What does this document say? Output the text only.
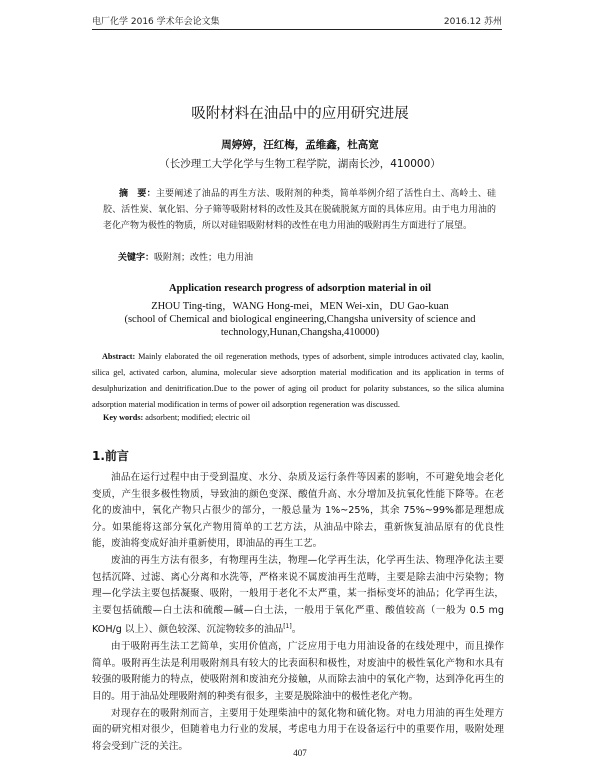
电厂化学 2016 学术年会论文集	2016.12 苏州
吸附材料在油品中的应用研究进展
周婷婷，汪红梅，孟维鑫，杜高宽
（长沙理工大学化学与生物工程学院，湖南长沙，410000）
摘　要：主要阐述了油品的再生方法、吸附剂的种类，简单举例介绍了活性白土、高岭土、硅胶、活性炭、氧化铝、分子筛等吸附材料的改性及其在脱硫脱氮方面的具体应用。由于电力用油的老化产物为极性的物质，所以对硅铝吸附材料的改性在电力用油的吸附再生方面进行了展望。
关键字：吸附剂；改性；电力用油
Application research progress of adsorption material in oil
ZHOU Ting-ting，WANG Hong-mei，MEN Wei-xin，DU Gao-kuan
(school of Chemical and biological engineering,Changsha university of science and technology,Hunan,Changsha,410000)
Abstract: Mainly elaborated the oil regeneration methods, types of adsorbent, simple introduces activated clay, kaolin, silica gel, activated carbon, alumina, molecular sieve adsorption material modification and its application in terms of desulphurization and denitrification.Due to the power of aging oil product for polarity substances, so the silica alumina adsorption material modification in terms of power oil adsorption regeneration was discussed.
Key words: adsorbent; modified; electric oil
1.前言

油品在运行过程中由于受到温度、水分、杂质及运行条件等因素的影响，不可避免地会老化变质，产生很多极性物质，导致油的颜色变深、酸值升高、水分增加及抗氧化性能下降等。在老化的废油中，氧化产物只占很少的部分，一般总量为 1%~25%，其余 75%~99%都是理想成分。如果能将这部分氧化产物用简单的工艺方法，从油品中除去，重新恢复油品原有的优良性能，废油将变成好油并重新使用，即油品的再生工艺。

废油的再生方法有很多，有物理再生法，物理—化学再生法，化学再生法、物理净化法主要包括沉降、过滤、离心分离和水洗等，严格来说不属废油再生范畴，主要是除去油中污染物；物理—化学法主要包括凝聚、吸附，一般用于老化不太严重，某一指标变坏的油品；化学再生法，主要包括硫酸—白土法和硫酸—碱—白土法，一般用于氧化严重、酸值较高（一般为 0.5 mg KOH/g 以上）、颜色较深、沉淀物较多的油品[1]。

由于吸附再生法工艺简单，实用价值高，广泛应用于电力用油设备的在线处理中，而且操作简单。吸附再生法是利用吸附剂具有较大的比表面积和极性，对废油中的极性氧化产物和水具有较强的吸附能力的特点，使吸附剂和废油充分接触，从而除去油中的氧化产物，达到净化再生的目的。用于油品处理吸附剂的种类有很多，主要是脱除油中的极性老化产物。

对现存在的吸附剂而言，主要用于处理柴油中的氮化物和硫化物。对电力用油的再生处理方面的研究相对很少，但随着电力行业的发展，考虑电力用于在设备运行中的重要作用，吸附处理将会受到广泛的关注。

407
